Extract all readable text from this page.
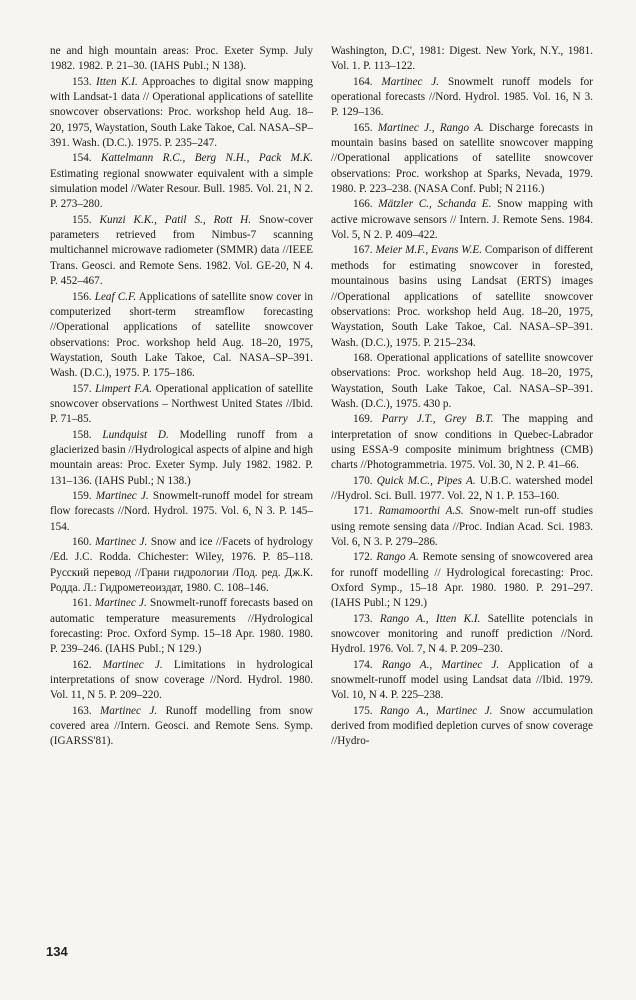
ne and high mountain areas: Proc. Exeter Symp. July 1982. 1982. P. 21–30. (IAHS Publ.; N 138).

153. Itten K.I. Approaches to digital snow mapping with Landsat-1 data // Operational applications of satellite snowcover observations: Proc. workshop held Aug. 18–20, 1975, Waystation, South Lake Takoe, Cal. NASA–SP–391. Wash. (D.C.). 1975. P. 235–247.

154. Kattelmann R.C., Berg N.H., Pack M.K. Estimating regional snowwater equivalent with a simple simulation model //Water Resour. Bull. 1985. Vol. 21, N 2. P. 273–280.

155. Kunzi K.K., Patil S., Rott H. Snow-cover parameters retrieved from Nimbus-7 scanning multichannel microwave radiometer (SMMR) data //IEEE Trans. Geosci. and Remote Sens. 1982. Vol. GE-20, N 4. P. 452–467.

156. Leaf C.F. Applications of satellite snow cover in computerized short-term streamflow forecasting //Operational applications of satellite snowcover observations: Proc. workshop held Aug. 18–20, 1975, Waystation, South Lake Takoe, Cal. NASA–SP–391. Wash. (D.C.), 1975. P. 175–186.

157. Limpert F.A. Operational application of satellite snowcover observations – Northwest United States //Ibid. P. 71–85.

158. Lundquist D. Modelling runoff from a glacierized basin //Hydrological aspects of alpine and high mountain areas: Proc. Exeter Symp. July 1982. 1982. P. 131–136. (IAHS Publ.; N 138.)

159. Martinec J. Snowmelt-runoff model for stream flow forecasts //Nord. Hydrol. 1975. Vol. 6, N 3. P. 145–154.

160. Martinec J. Snow and ice //Facets of hydrology /Ed. J.C. Rodda. Chichester: Wiley, 1976. P. 85–118. Русский перевод //Грани гидрологии /Под. ред. Дж.К. Родда. Л.: Гидрометеоиздат, 1980. С. 108–146.

161. Martinec J. Snowmelt-runoff forecasts based on automatic temperature measurements //Hydrological forecasting: Proc. Oxford Symp. 15–18 Apr. 1980. 1980. P. 239–246. (IAHS Publ.; N 129.)

162. Martinec J. Limitations in hydrological interpretations of snow coverage //Nord. Hydrol. 1980. Vol. 11, N 5. P. 209–220.

163. Martinec J. Runoff modelling from snow covered area //Intern. Geosci. and Remote Sens. Symp. (IGARSS'81).

Washington, D.C', 1981: Digest. New York, N.Y., 1981. Vol. 1. P. 113–122.

164. Martinec J. Snowmelt runoff models for operational forecasts //Nord. Hydrol. 1985. Vol. 16, N 3. P. 129–136.

165. Martinec J., Rango A. Discharge forecasts in mountain basins based on satellite snowcover mapping //Operational applications of satellite snowcover observations: Proc. workshop at Sparks, Nevada, 1979. 1980. P. 223–238. (NASA Conf. Publ; N 2116.)

166. Mätzler C., Schanda E. Snow mapping with active microwave sensors // Intern. J. Remote Sens. 1984. Vol. 5, N 2. P. 409–422.

167. Meier M.F., Evans W.E. Comparison of different methods for estimating snowcover in forested, mountainous basins using Landsat (ERTS) images //Operational applications of satellite snowcover observations: Proc. workshop held Aug. 18–20, 1975, Waystation, South Lake Takoe, Cal. NASA–SP–391. Wash. (D.C.), 1975. P. 215–234.

168. Operational applications of satellite snowcover observations: Proc. workshop held Aug. 18–20, 1975, Waystation, South Lake Takoe, Cal. NASA–SP–391. Wash. (D.C.), 1975. 430 p.

169. Parry J.T., Grey B.T. The mapping and interpretation of snow conditions in Quebec-Labrador using ESSA-9 composite minimum brightness (CMB) charts //Photogrammetria. 1975. Vol. 30, N 2. P. 41–66.

170. Quick M.C., Pipes A. U.B.C. watershed model //Hydrol. Sci. Bull. 1977. Vol. 22, N 1. P. 153–160.

171. Ramamoorthi A.S. Snow-melt run-off studies using remote sensing data //Proc. Indian Acad. Sci. 1983. Vol. 6, N 3. P. 279–286.

172. Rango A. Remote sensing of snowcovered area for runoff modelling // Hydrological forecasting: Proc. Oxford Symp., 15–18 Apr. 1980. 1980. P. 291–297. (IAHS Publ.; N 129.)

173. Rango A., Itten K.I. Satellite potencials in snowcover monitoring and runoff prediction //Nord. Hydrol. 1976. Vol. 7, N 4. P. 209–230.

174. Rango A., Martinec J. Application of a snowmelt-runoff model using Landsat data //Ibid. 1979. Vol. 10, N 4. P. 225–238.

175. Rango A., Martinec J. Snow accumulation derived from modified depletion curves of snow coverage //Hydro-

134
